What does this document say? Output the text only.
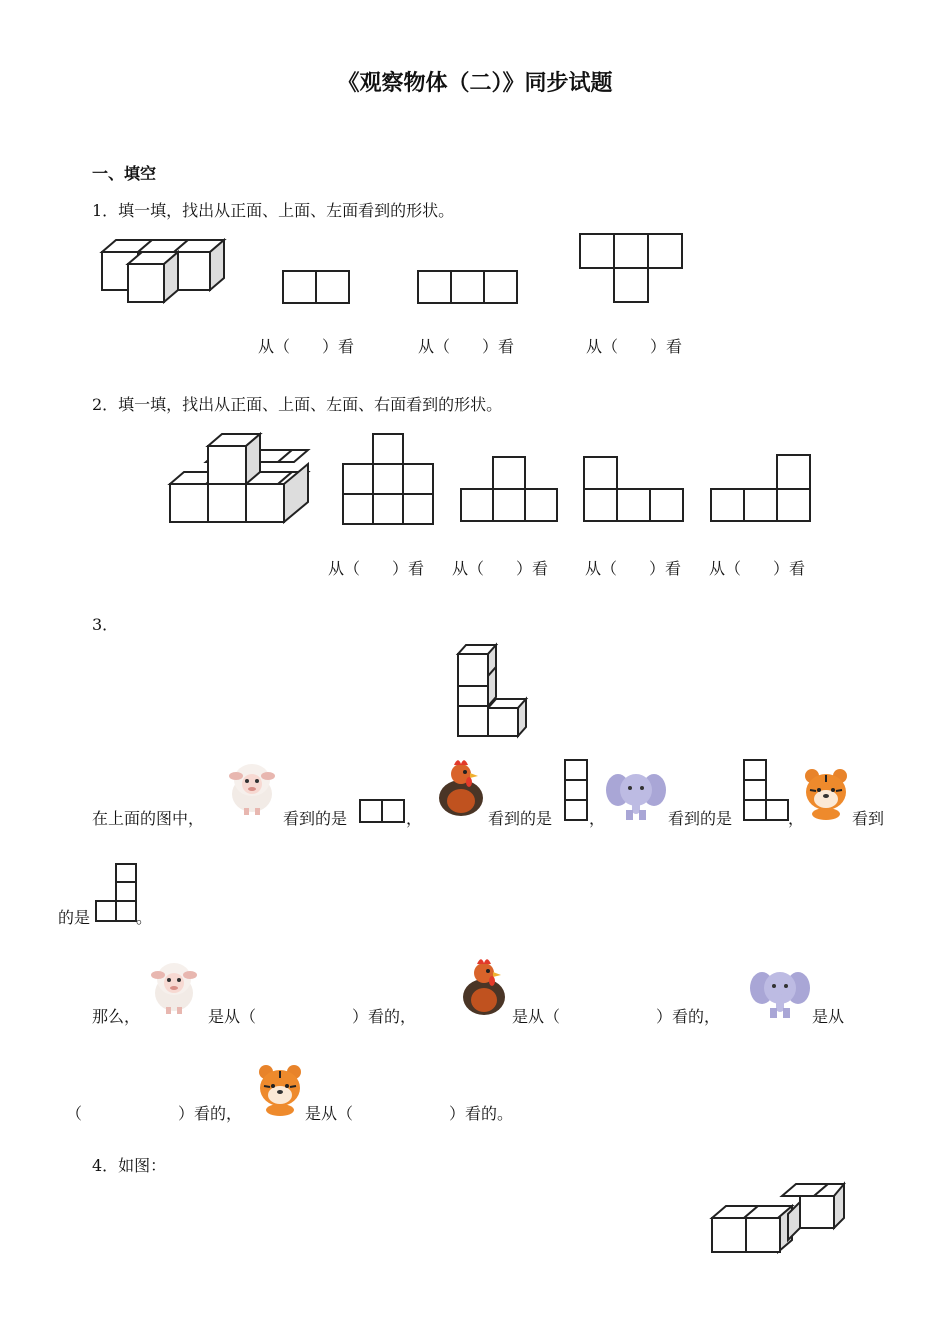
《观察物体（二）》同步试题
一、填空
1．填一填，找出从正面、上面、左面看到的形状。
从（　　）看	从（　　）看	从（　　）看
2．填一填，找出从正面、上面、左面、右面看到的形状。
从（　　）看 从（　　）看 从（　　）看 从（　　）看
3．
在上面的图中，	看到的是	，	看到的是 ，	看到的是	，	看到
的是	。
那么，	是从（　　　　　　）看的，	是从（　　　　　　）看的，	是从
（　　　　　　）看的，	是从（　　　　　　）看的。
4．如图：
